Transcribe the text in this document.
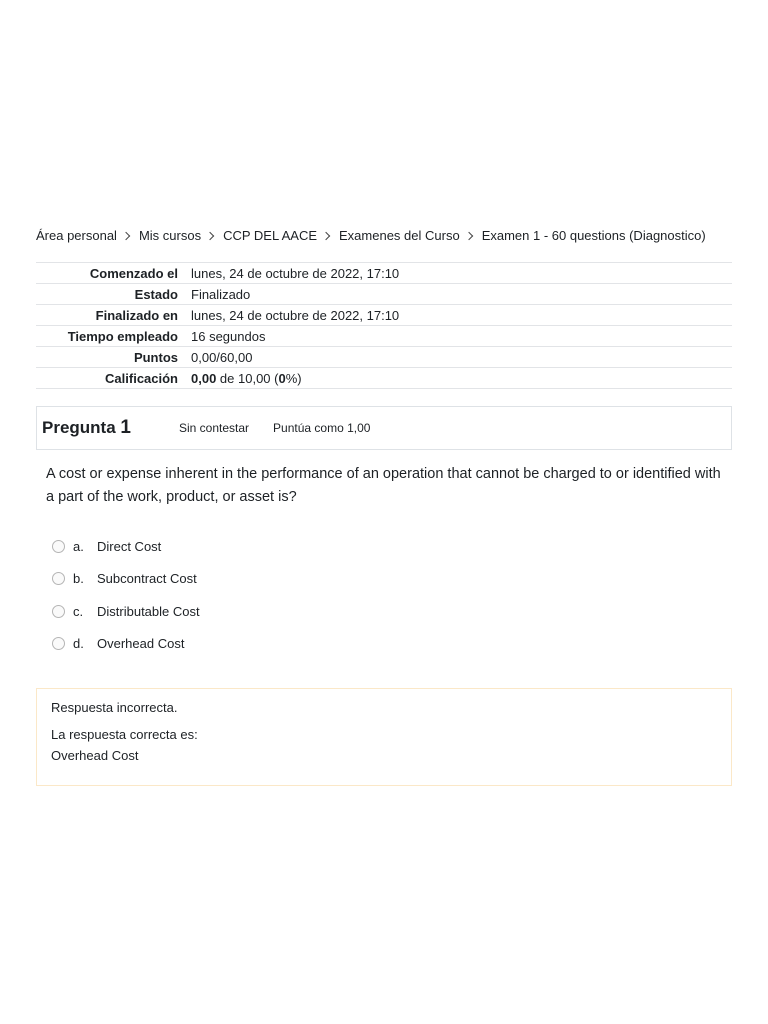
Área personal Mis cursos CCP DEL AACE Examenes del Curso Examen 1 - 60 questions (Diagnostico)
Comenzado el	lunes, 24 de octubre de 2022, 17:10
Estado	Finalizado
Finalizado en	lunes, 24 de octubre de 2022, 17:10
Tiempo empleado	16 segundos
Puntos	0,00/60,00
Calificación	0,00 de 10,00 (0%)
Pregunta 1	Sin contestar Puntúa como 1,00
A cost or expense inherent in the performance of an operation that cannot be charged to or identified with a part of the work, product, or asset is?
a.	Direct Cost
b.	Subcontract Cost
c.	Distributable Cost
d.	Overhead Cost
Respuesta incorrecta.
La respuesta correcta es:
Overhead Cost
